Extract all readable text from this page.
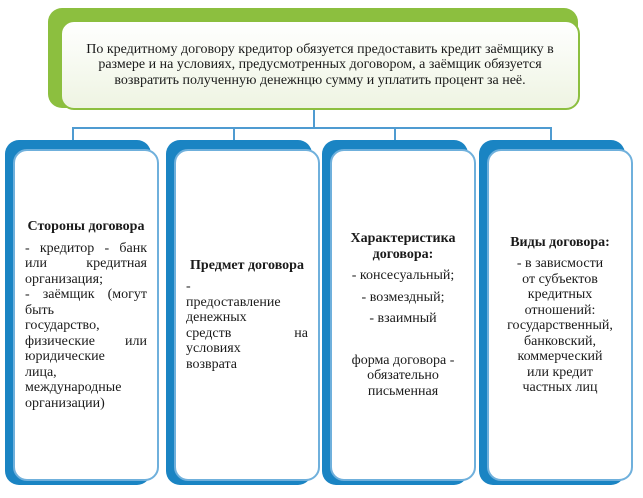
По кредитному договору кредитор обязуется предоставить кредит заёмщику в размере и на условиях, предусмотренных договором, а заёмщик обязуется возвратить полученную денежнцю сумму и уплатить процент за неё.

Стороны договора

- кредитор - банк

или кредитная

организация;

- заёмщик (могут

быть

государство,

физические или

юридические

лица,

международные

организации)

Предмет договора

-

предоставление

денежных

средств на

условиях

возврата

Характеристика договора:

- консесуальный;

- возмездный;

- взаимный

форма договора -

обязательно

письменная

Виды договора:

- в зависмости

от субъектов

кредитных

отношений:

государственный,

банковский,

коммерческий

или кредит

частных лиц
